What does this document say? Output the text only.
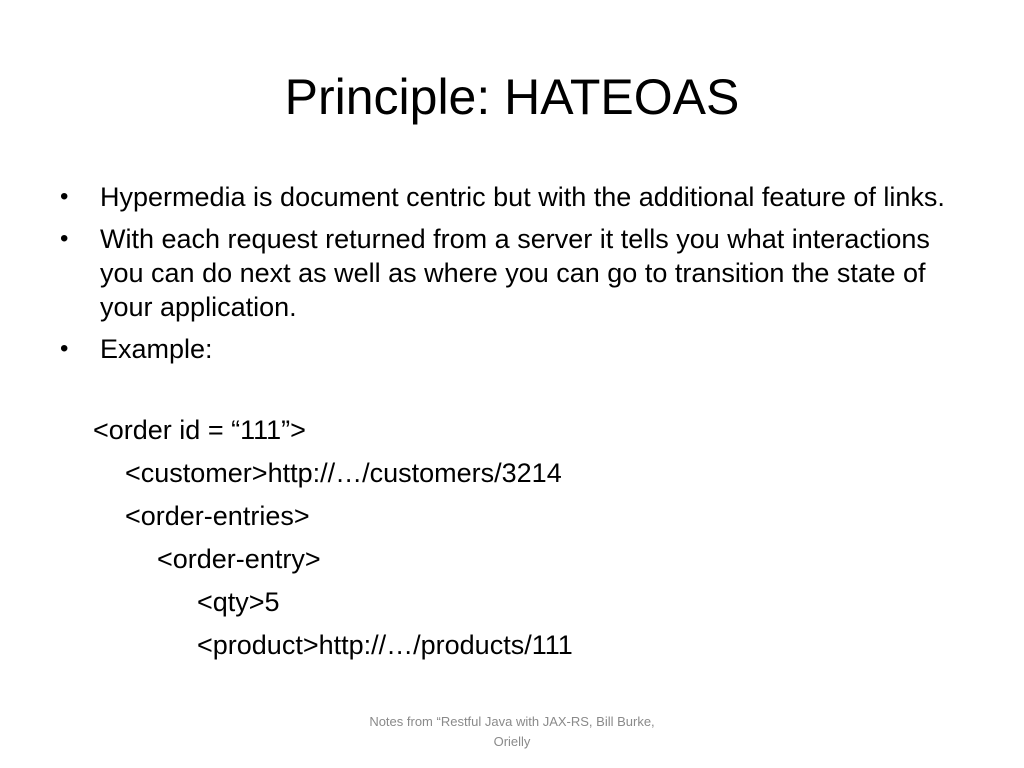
Principle: HATEOAS
•	Hypermedia is document centric but with the additional feature of links.
•	With each request returned from a server it tells you what interactions you can do next as well as where you can go to transition the state of your application.
•	Example:
<order id = “111”>
<customer>http://…/customers/3214
<order-entries>
<order-entry>
<qty>5
<product>http://…/products/111
Notes from “Restful Java with JAX-RS, Bill Burke, Orielly
